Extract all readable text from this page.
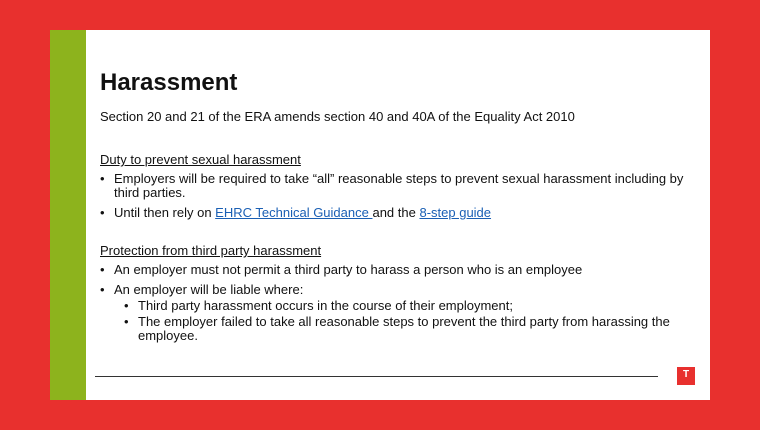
Harassment

Section 20 and 21 of the ERA amends section 40 and 40A of the Equality Act 2010

Duty to prevent sexual harassment
• Employers will be required to take “all” reasonable steps to prevent sexual harassment including by third parties.
• Until then rely on EHRC Technical Guidance and the 8-step guide
Protection from third party harassment
• An employer must not permit a third party to harass a person who is an employee
• An employer will be liable where:
• Third party harassment occurs in the course of their employment;
• The employer failed to take all reasonable steps to prevent the third party from harassing the employee.
T
